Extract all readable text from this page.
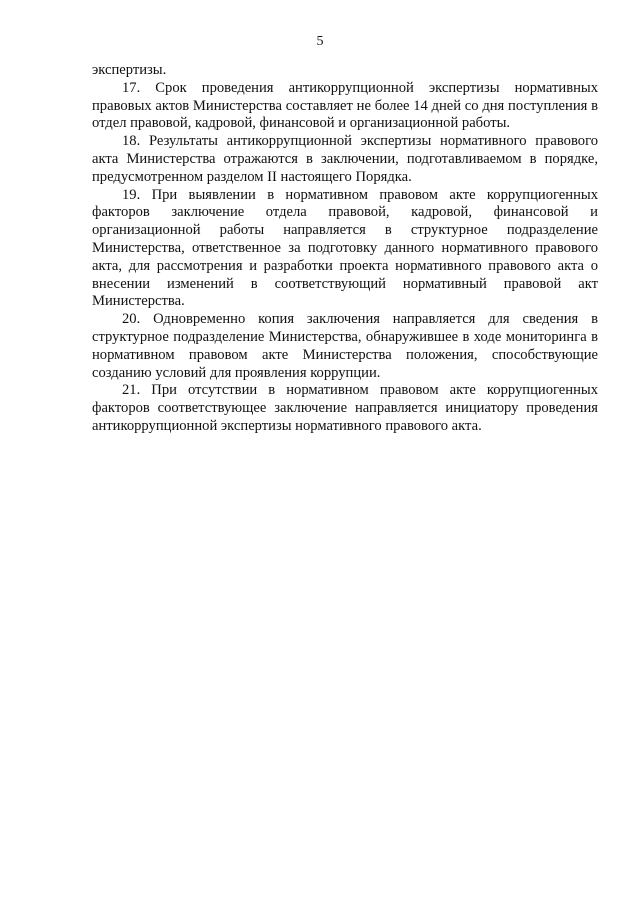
5

экспертизы.

17. Срок проведения антикоррупционной экспертизы нормативных правовых актов Министерства составляет не более 14 дней со дня поступления в отдел правовой, кадровой, финансовой и организационной работы.

18. Результаты антикоррупционной экспертизы нормативного правового акта Министерства отражаются в заключении, подготавливаемом в порядке, предусмотренном разделом II настоящего Порядка.

19. При выявлении в нормативном правовом акте коррупциогенных факторов заключение отдела правовой, кадровой, финансовой и организационной работы направляется в структурное подразделение Министерства, ответственное за подготовку данного нормативного правового акта, для рассмотрения и разработки проекта нормативного правового акта о внесении изменений в соответствующий нормативный правовой акт Министерства.

20. Одновременно копия заключения направляется для сведения в структурное подразделение Министерства, обнаружившее в ходе мониторинга в нормативном правовом акте Министерства положения, способствующие созданию условий для проявления коррупции.

21. При отсутствии в нормативном правовом акте коррупциогенных факторов соответствующее заключение направляется инициатору проведения антикоррупционной экспертизы нормативного правового акта.
